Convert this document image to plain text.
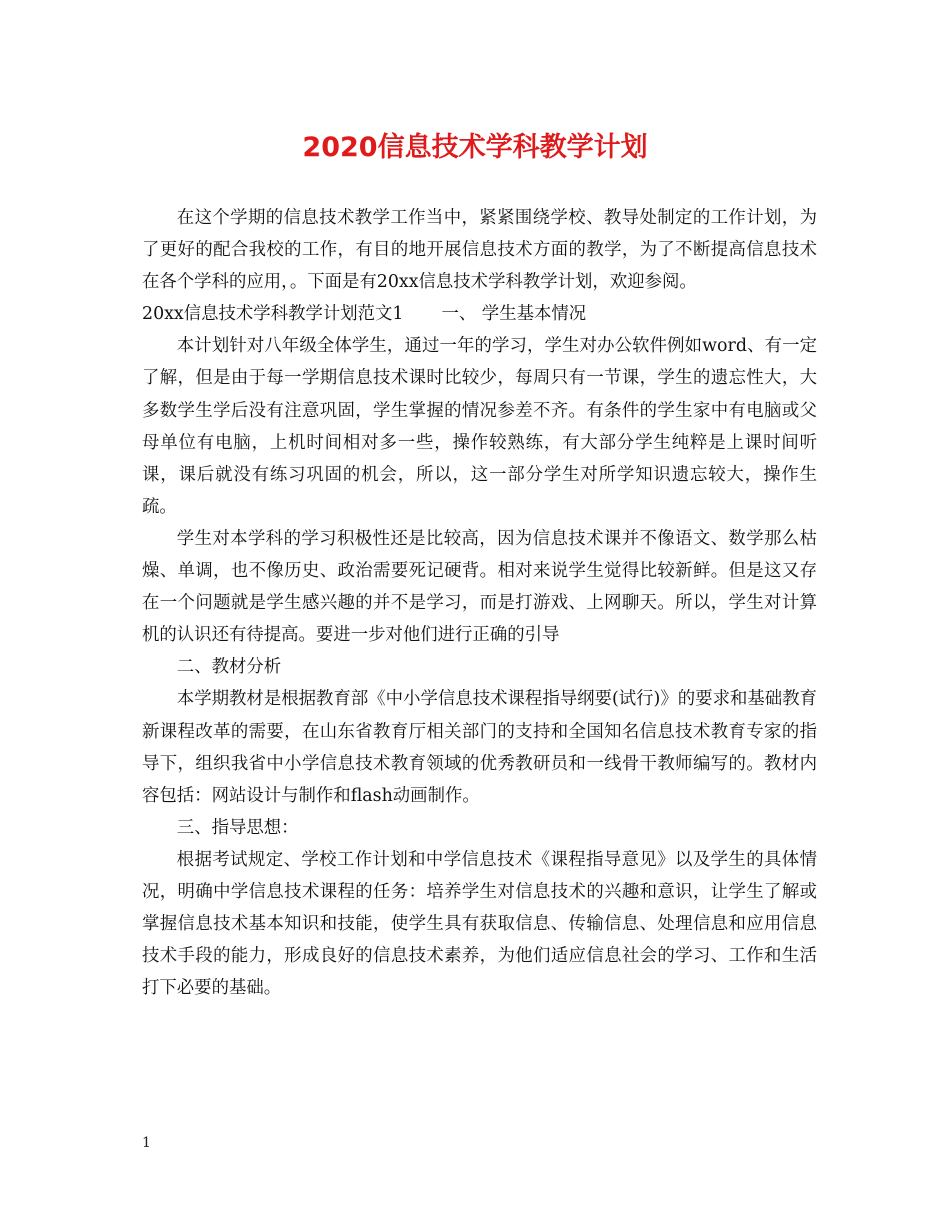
2020信息技术学科教学计划

在这个学期的信息技术教学工作当中，紧紧围绕学校、教导处制定的工作计划，为了更好的配合我校的工作，有目的地开展信息技术方面的教学，为了不断提高信息技术在各个学科的应用，。下面是有20xx信息技术学科教学计划，欢迎参阅。

20xx信息技术学科教学计划范文1 一、 学生基本情况

本计划针对八年级全体学生，通过一年的学习，学生对办公软件例如word、有一定了解，但是由于每一学期信息技术课时比较少，每周只有一节课，学生的遗忘性大，大多数学生学后没有注意巩固，学生掌握的情况参差不齐。有条件的学生家中有电脑或父母单位有电脑，上机时间相对多一些，操作较熟练，有大部分学生纯粹是上课时间听课，课后就没有练习巩固的机会，所以，这一部分学生对所学知识遗忘较大，操作生疏。

学生对本学科的学习积极性还是比较高，因为信息技术课并不像语文、数学那么枯燥、单调，也不像历史、政治需要死记硬背。相对来说学生觉得比较新鲜。但是这又存在一个问题就是学生感兴趣的并不是学习，而是打游戏、上网聊天。所以，学生对计算机的认识还有待提高。要进一步对他们进行正确的引导

二、教材分析

本学期教材是根据教育部《中小学信息技术课程指导纲要(试行)》的要求和基础教育新课程改革的需要，在山东省教育厅相关部门的支持和全国知名信息技术教育专家的指导下，组织我省中小学信息技术教育领域的优秀教研员和一线骨干教师编写的。教材内容包括：网站设计与制作和flash动画制作。

三、指导思想：

根据考试规定、学校工作计划和中学信息技术《课程指导意见》以及学生的具体情况，明确中学信息技术课程的任务：培养学生对信息技术的兴趣和意识，让学生了解或掌握信息技术基本知识和技能，使学生具有获取信息、传输信息、处理信息和应用信息技术手段的能力，形成良好的信息技术素养，为他们适应信息社会的学习、工作和生活打下必要的基础。

1
